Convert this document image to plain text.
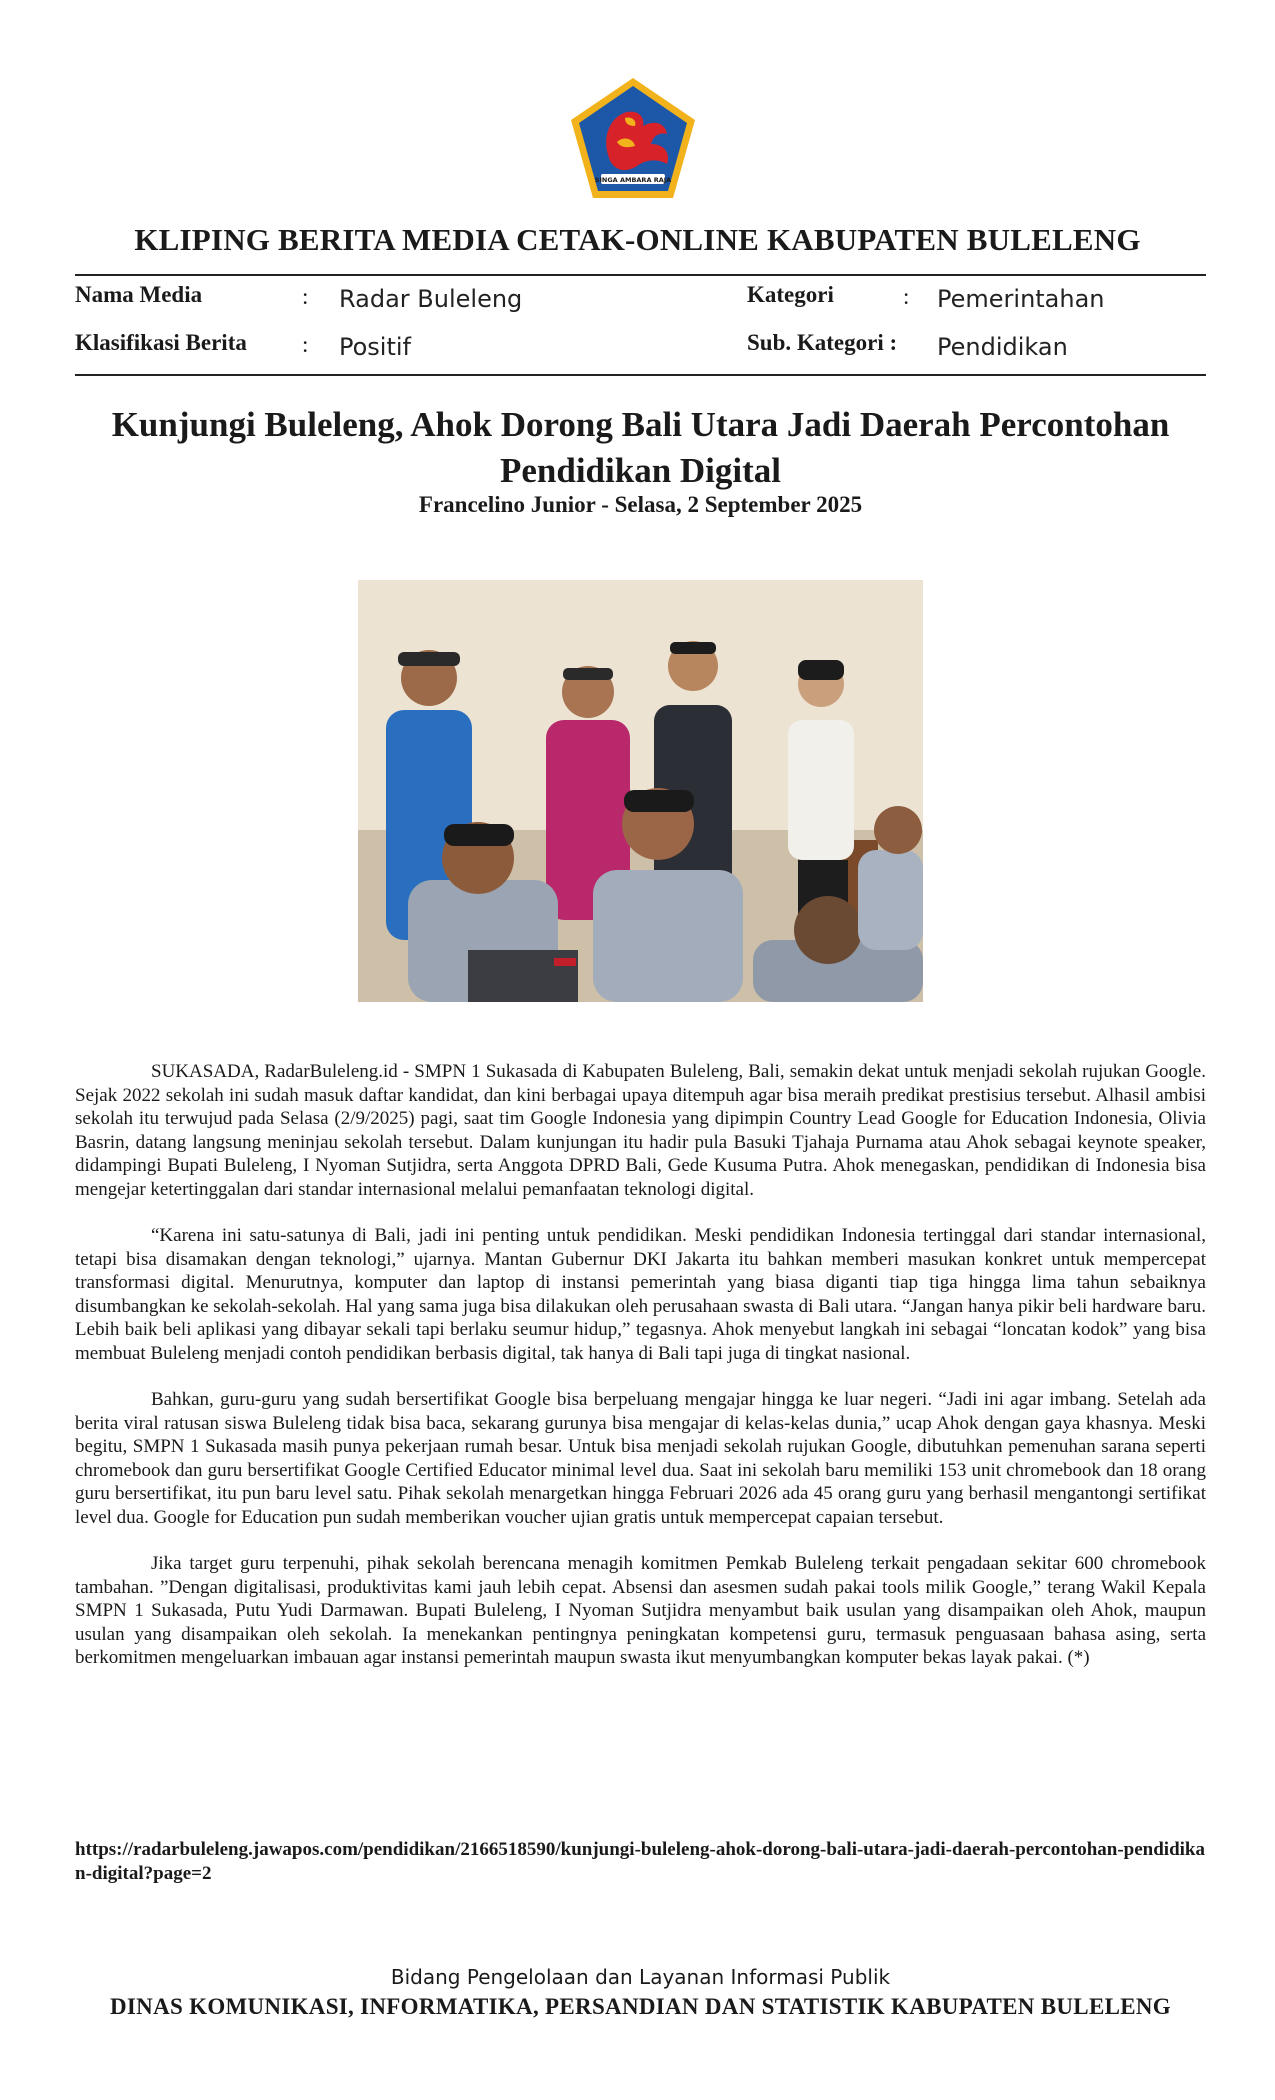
SINGA AMBARA RAJA
KLIPING BERITA MEDIA CETAK-ONLINE KABUPATEN BULELENG
Nama Media	: Radar Buleleng	Kategori	: Pemerintahan
Klasifikasi Berita : Positif	Sub. Kategori : Pendidikan
Kunjungi Buleleng, Ahok Dorong Bali Utara Jadi Daerah Percontohan
Pendidikan Digital
Francelino Junior - Selasa, 2 September 2025

SUKASADA, RadarBuleleng.id - SMPN 1 Sukasada di Kabupaten Buleleng, Bali, semakin dekat untuk menjadi sekolah rujukan Google. Sejak 2022 sekolah ini sudah masuk daftar kandidat, dan kini berbagai upaya ditempuh agar bisa meraih predikat prestisius tersebut. Alhasil ambisi sekolah itu terwujud pada Selasa (2/9/2025) pagi, saat tim Google Indonesia yang dipimpin Country Lead Google for Education Indonesia, Olivia Basrin, datang langsung meninjau sekolah tersebut. Dalam kunjungan itu hadir pula Basuki Tjahaja Purnama atau Ahok sebagai keynote speaker, didampingi Bupati Buleleng, I Nyoman Sutjidra, serta Anggota DPRD Bali, Gede Kusuma Putra. Ahok menegaskan, pendidikan di Indonesia bisa mengejar ketertinggalan dari standar internasional melalui pemanfaatan teknologi digital.

“Karena ini satu-satunya di Bali, jadi ini penting untuk pendidikan. Meski pendidikan Indonesia tertinggal dari standar internasional, tetapi bisa disamakan dengan teknologi,” ujarnya. Mantan Gubernur DKI Jakarta itu bahkan memberi masukan konkret untuk mempercepat transformasi digital. Menurutnya, komputer dan laptop di instansi pemerintah yang biasa diganti tiap tiga hingga lima tahun sebaiknya disumbangkan ke sekolah-sekolah. Hal yang sama juga bisa dilakukan oleh perusahaan swasta di Bali utara. “Jangan hanya pikir beli hardware baru. Lebih baik beli aplikasi yang dibayar sekali tapi berlaku seumur hidup,” tegasnya. Ahok menyebut langkah ini sebagai “loncatan kodok” yang bisa membuat Buleleng menjadi contoh pendidikan berbasis digital, tak hanya di Bali tapi juga di tingkat nasional.

Bahkan, guru-guru yang sudah bersertifikat Google bisa berpeluang mengajar hingga ke luar negeri. “Jadi ini agar imbang. Setelah ada berita viral ratusan siswa Buleleng tidak bisa baca, sekarang gurunya bisa mengajar di kelas-kelas dunia,” ucap Ahok dengan gaya khasnya. Meski begitu, SMPN 1 Sukasada masih punya pekerjaan rumah besar. Untuk bisa menjadi sekolah rujukan Google, dibutuhkan pemenuhan sarana seperti chromebook dan guru bersertifikat Google Certified Educator minimal level dua. Saat ini sekolah baru memiliki 153 unit chromebook dan 18 orang guru bersertifikat, itu pun baru level satu. Pihak sekolah menargetkan hingga Februari 2026 ada 45 orang guru yang berhasil mengantongi sertifikat level dua. Google for Education pun sudah memberikan voucher ujian gratis untuk mempercepat capaian tersebut.

Jika target guru terpenuhi, pihak sekolah berencana menagih komitmen Pemkab Buleleng terkait pengadaan sekitar 600 chromebook tambahan. ”Dengan digitalisasi, produktivitas kami jauh lebih cepat. Absensi dan asesmen sudah pakai tools milik Google,” terang Wakil Kepala SMPN 1 Sukasada, Putu Yudi Darmawan. Bupati Buleleng, I Nyoman Sutjidra menyambut baik usulan yang disampaikan oleh Ahok, maupun usulan yang disampaikan oleh sekolah. Ia menekankan pentingnya peningkatan kompetensi guru, termasuk penguasaan bahasa asing, serta berkomitmen mengeluarkan imbauan agar instansi pemerintah maupun swasta ikut menyumbangkan komputer bekas layak pakai. (*)

https://radarbuleleng.jawapos.com/pendidikan/2166518590/kunjungi-buleleng-ahok-dorong-bali-utara-jadi-daerah-percontohan-pendidikan-digital?page=2
Bidang Pengelolaan dan Layanan Informasi Publik
DINAS KOMUNIKASI, INFORMATIKA, PERSANDIAN DAN STATISTIK KABUPATEN BULELENG
